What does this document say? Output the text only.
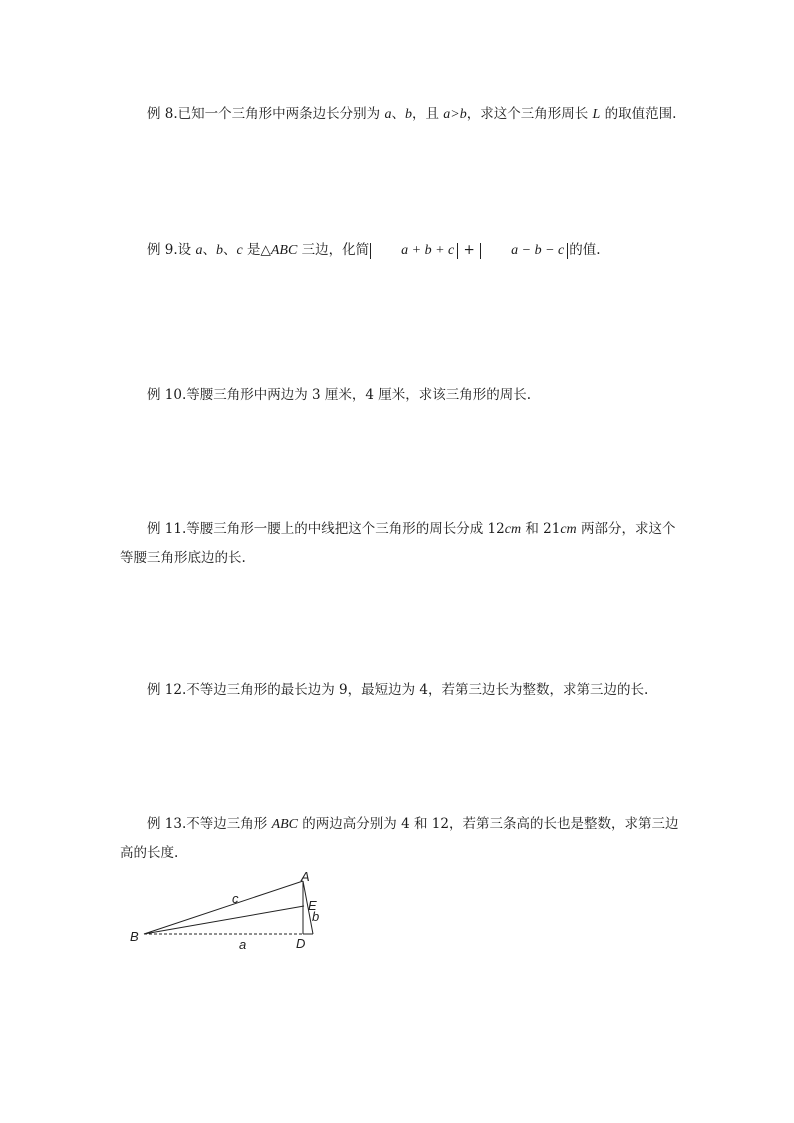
例 8.已知一个三角形中两条边长分别为 a、b，且 a>b，求这个三角形周长 L 的取值范围.

例 9.设 a、b、c 是△ABC 三边，化简 a + b + c + a − b − c 的值.

例 10.等腰三角形中两边为 3 厘米，4 厘米，求该三角形的周长.

例 11.等腰三角形一腰上的中线把这个三角形的周长分成 12cm 和 21cm 两部分，求这个等腰三角形底边的长.

例 12.不等边三角形的最长边为 9，最短边为 4，若第三边长为整数，求第三边的长.

例 13.不等边三角形 ABC 的两边高分别为 4 和 12，若第三条高的长也是整数，求第三边高的长度.

A
B	D
E
a
b
c
